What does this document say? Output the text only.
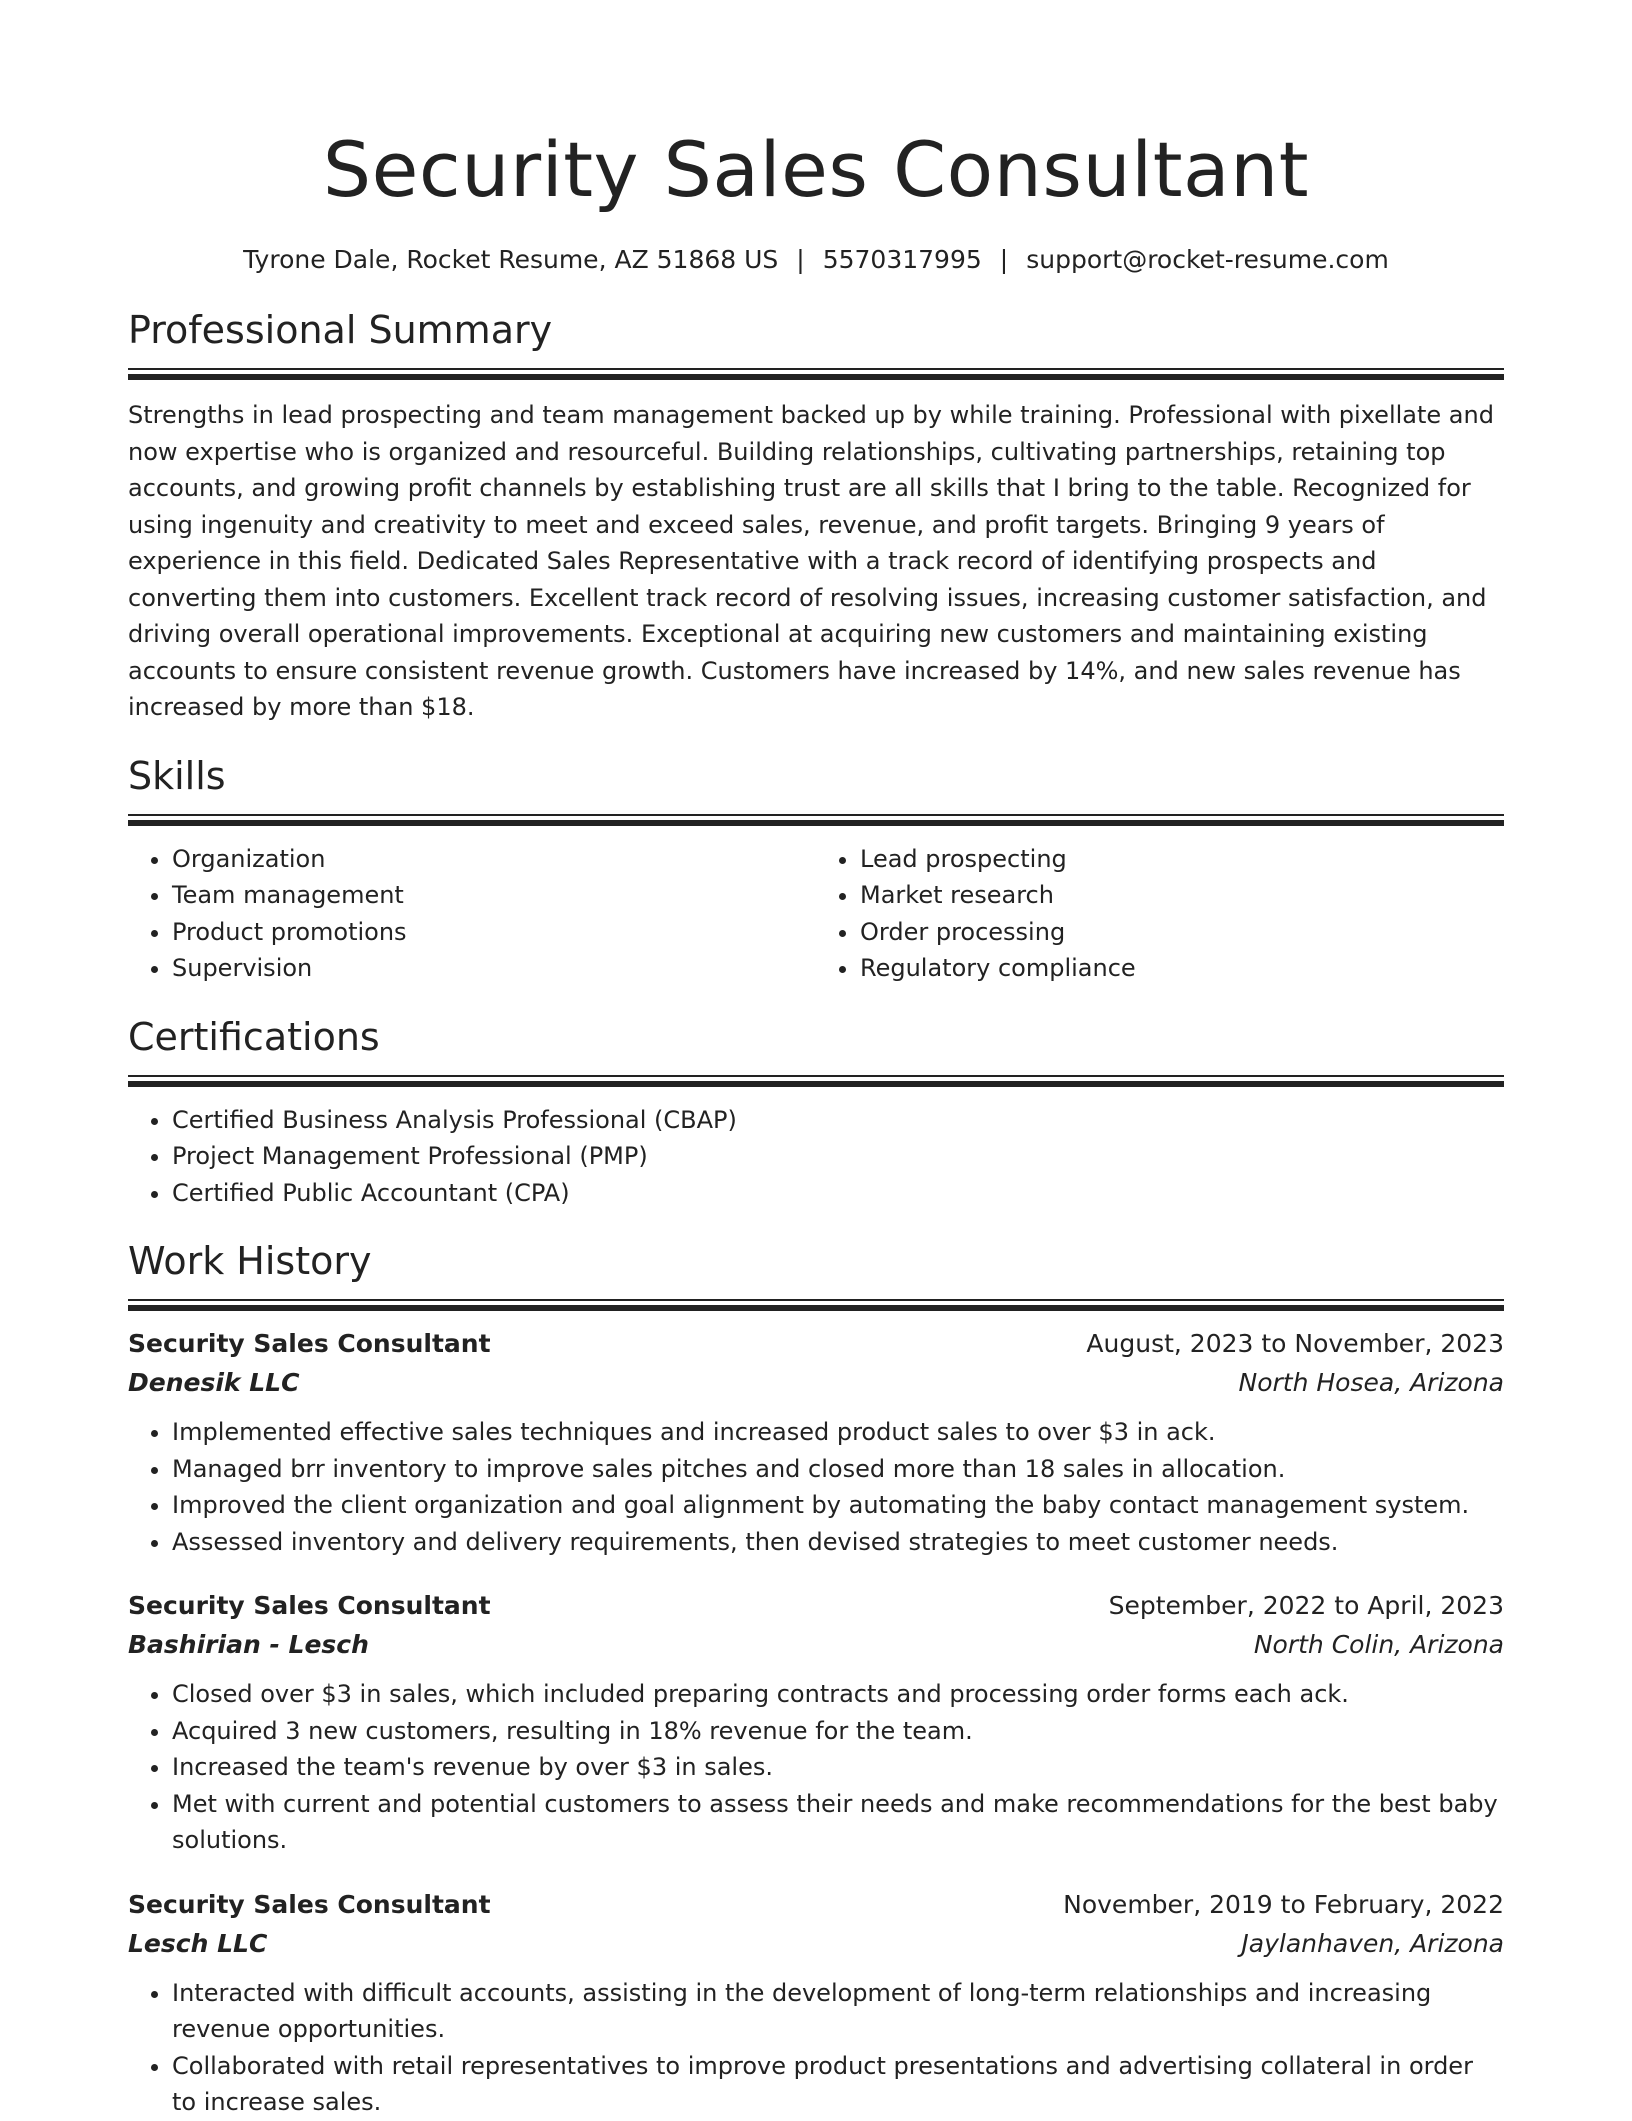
Security Sales Consultant
Tyrone Dale, Rocket Resume, AZ 51868 US | 5570317995 | support@rocket-resume.com
Professional Summary

Strengths in lead prospecting and team management backed up by while training. Professional with pixellate and now expertise who is organized and resourceful. Building relationships, cultivating partnerships, retaining top accounts, and growing profit channels by establishing trust are all skills that I bring to the table. Recognized for using ingenuity and creativity to meet and exceed sales, revenue, and profit targets. Bringing 9 years of experience in this field. Dedicated Sales Representative with a track record of identifying prospects and converting them into customers. Excellent track record of resolving issues, increasing customer satisfaction, and driving overall operational improvements. Exceptional at acquiring new customers and maintaining existing accounts to ensure consistent revenue growth. Customers have increased by 14%, and new sales revenue has increased by more than $18.

Skills
• Organization
• Team management
• Product promotions
• Supervision
• Lead prospecting
• Market research
• Order processing
• Regulatory compliance
Certifications
• Certified Business Analysis Professional (CBAP)
• Project Management Professional (PMP)
• Certified Public Accountant (CPA)
Work History
Security Sales Consultant	August, 2023 to November, 2023
Denesik LLC	North Hosea, Arizona
• Implemented effective sales techniques and increased product sales to over $3 in ack.
• Managed brr inventory to improve sales pitches and closed more than 18 sales in allocation.
• Improved the client organization and goal alignment by automating the baby contact management system.
• Assessed inventory and delivery requirements, then devised strategies to meet customer needs.
Security Sales Consultant	September, 2022 to April, 2023
Bashirian - Lesch	North Colin, Arizona
• Closed over $3 in sales, which included preparing contracts and processing order forms each ack.
• Acquired 3 new customers, resulting in 18% revenue for the team.
• Increased the team's revenue by over $3 in sales.
• Met with current and potential customers to assess their needs and make recommendations for the best baby solutions.
Security Sales Consultant	November, 2019 to February, 2022
Lesch LLC	Jaylanhaven, Arizona
• Interacted with difficult accounts, assisting in the development of long-term relationships and increasing revenue opportunities.
• Collaborated with retail representatives to improve product presentations and advertising collateral in order to increase sales.
